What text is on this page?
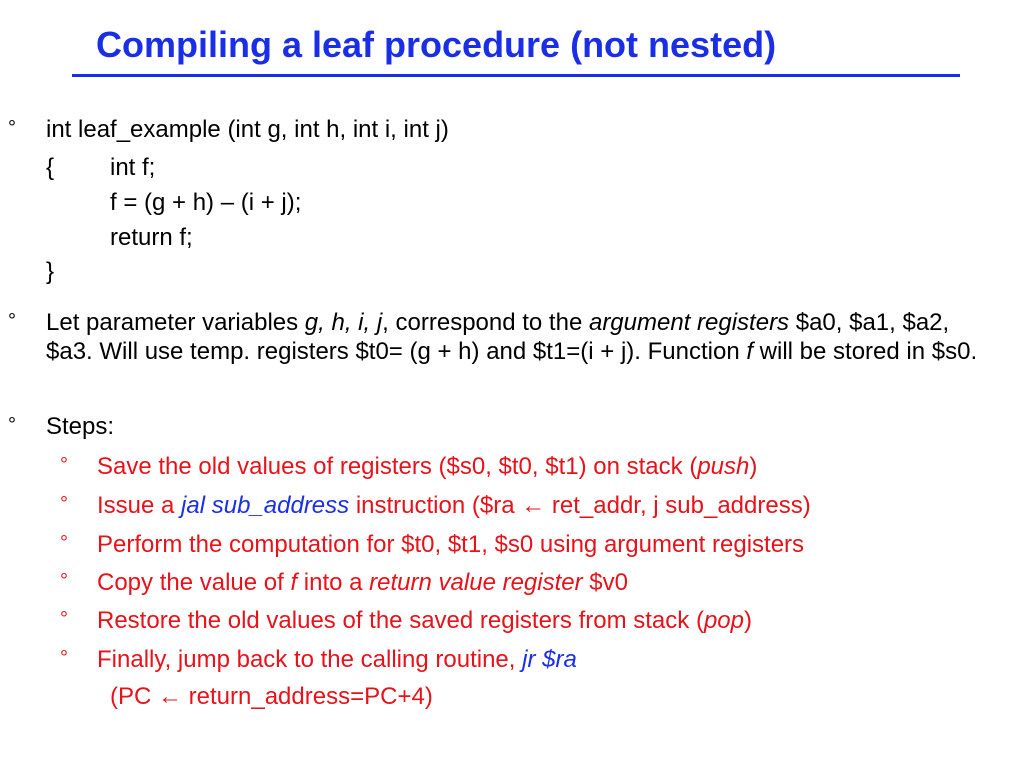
Compiling a leaf procedure (not nested)
° int leaf_example (int g, int h, int i, int j)
{ int f;
f = (g + h) – (i + j);
return f;
}
° Let parameter variables g, h, i, j, correspond to the argument registers $a0, $a1, $a2, $a3. Will use temp. registers $t0= (g + h) and $t1=(i + j). Function f will be stored in $s0.
° Steps:
° Save the old values of registers ($s0, $t0, $t1) on stack (push)
° Issue a jal sub_address instruction ($ra ← ret_addr, j sub_address)
° Perform the computation for $t0, $t1, $s0 using argument registers
° Copy the value of f into a return value register $v0
° Restore the old values of the saved registers from stack (pop)
° Finally, jump back to the calling routine, jr $ra
(PC ← return_address=PC+4)
